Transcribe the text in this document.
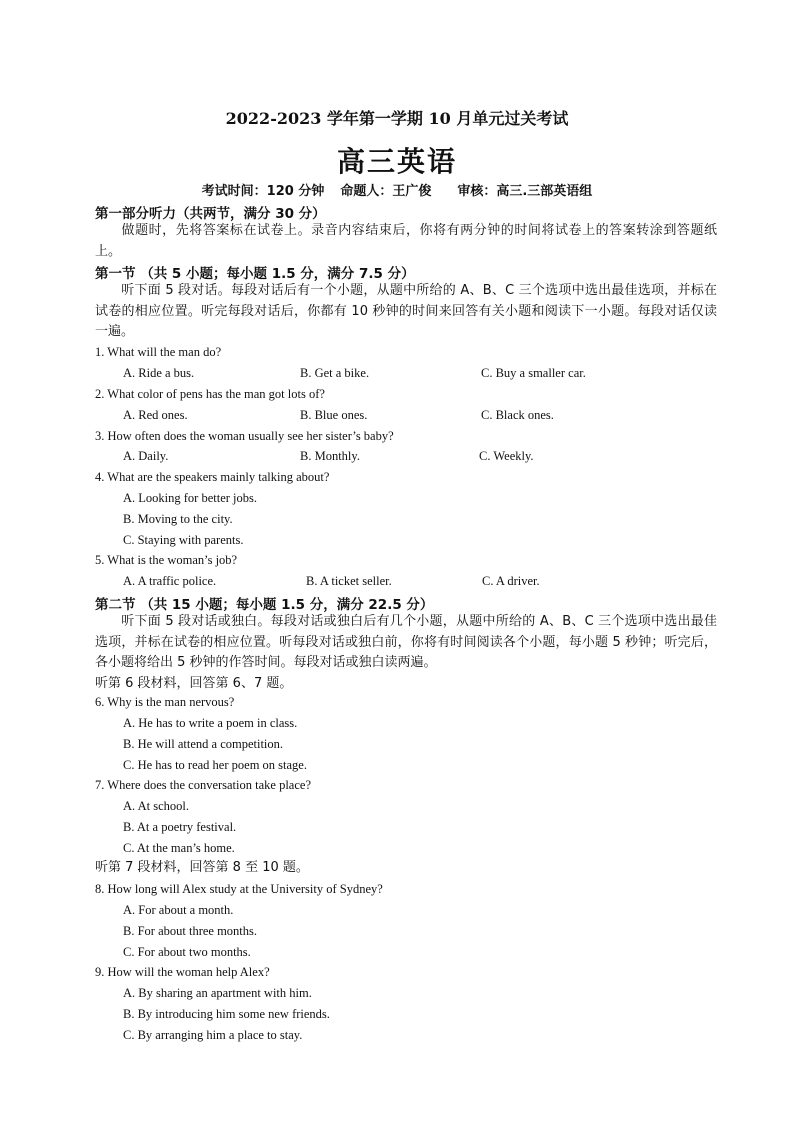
2022-2023 学年第一学期 10 月单元过关考试
高三英语
考试时间：120 分钟 命题人：王广俊 审核：高三.三部英语组
第一部分听力（共两节，满分 30 分）
做题时，先将答案标在试卷上。录音内容结束后，你将有两分钟的时间将试卷上的答案转涂到答题纸上。
第一节 （共 5 小题；每小题 1.5 分，满分 7.5 分）
听下面 5 段对话。每段对话后有一个小题，从题中所给的 A、B、C 三个选项中选出最佳选项，并标在试卷的相应位置。听完每段对话后，你都有 10 秒钟的时间来回答有关小题和阅读下一小题。每段对话仅读一遍。
1. What will the man do?
A. Ride a bus.	B. Get a bike.	C. Buy a smaller car.
2. What color of pens has the man got lots of?
A. Red ones.	B. Blue ones.	C. Black ones.
3. How often does the woman usually see her sister’s baby?
A. Daily.	B. Monthly.	C. Weekly.
4. What are the speakers mainly talking about?
A. Looking for better jobs.
B. Moving to the city.
C. Staying with parents.
5. What is the woman’s job?
A. A traffic police.	B. A ticket seller.	C. A driver.
第二节 （共 15 小题；每小题 1.5 分，满分 22.5 分）
听下面 5 段对话或独白。每段对话或独白后有几个小题，从题中所给的 A、B、C 三个选项中选出最佳选项，并标在试卷的相应位置。听每段对话或独白前，你将有时间阅读各个小题，每小题 5 秒钟；听完后，各小题将给出 5 秒钟的作答时间。每段对话或独白读两遍。
听第 6 段材料，回答第 6、7 题。
6. Why is the man nervous?
A. He has to write a poem in class.
B. He will attend a competition.
C. He has to read her poem on stage.
7. Where does the conversation take place?
A. At school.
B. At a poetry festival.
C. At the man’s home.
听第 7 段材料，回答第 8 至 10 题。
8. How long will Alex study at the University of Sydney?
A. For about a month.
B. For about three months.
C. For about two months.
9. How will the woman help Alex?
A. By sharing an apartment with him.
B. By introducing him some new friends.
C. By arranging him a place to stay.
